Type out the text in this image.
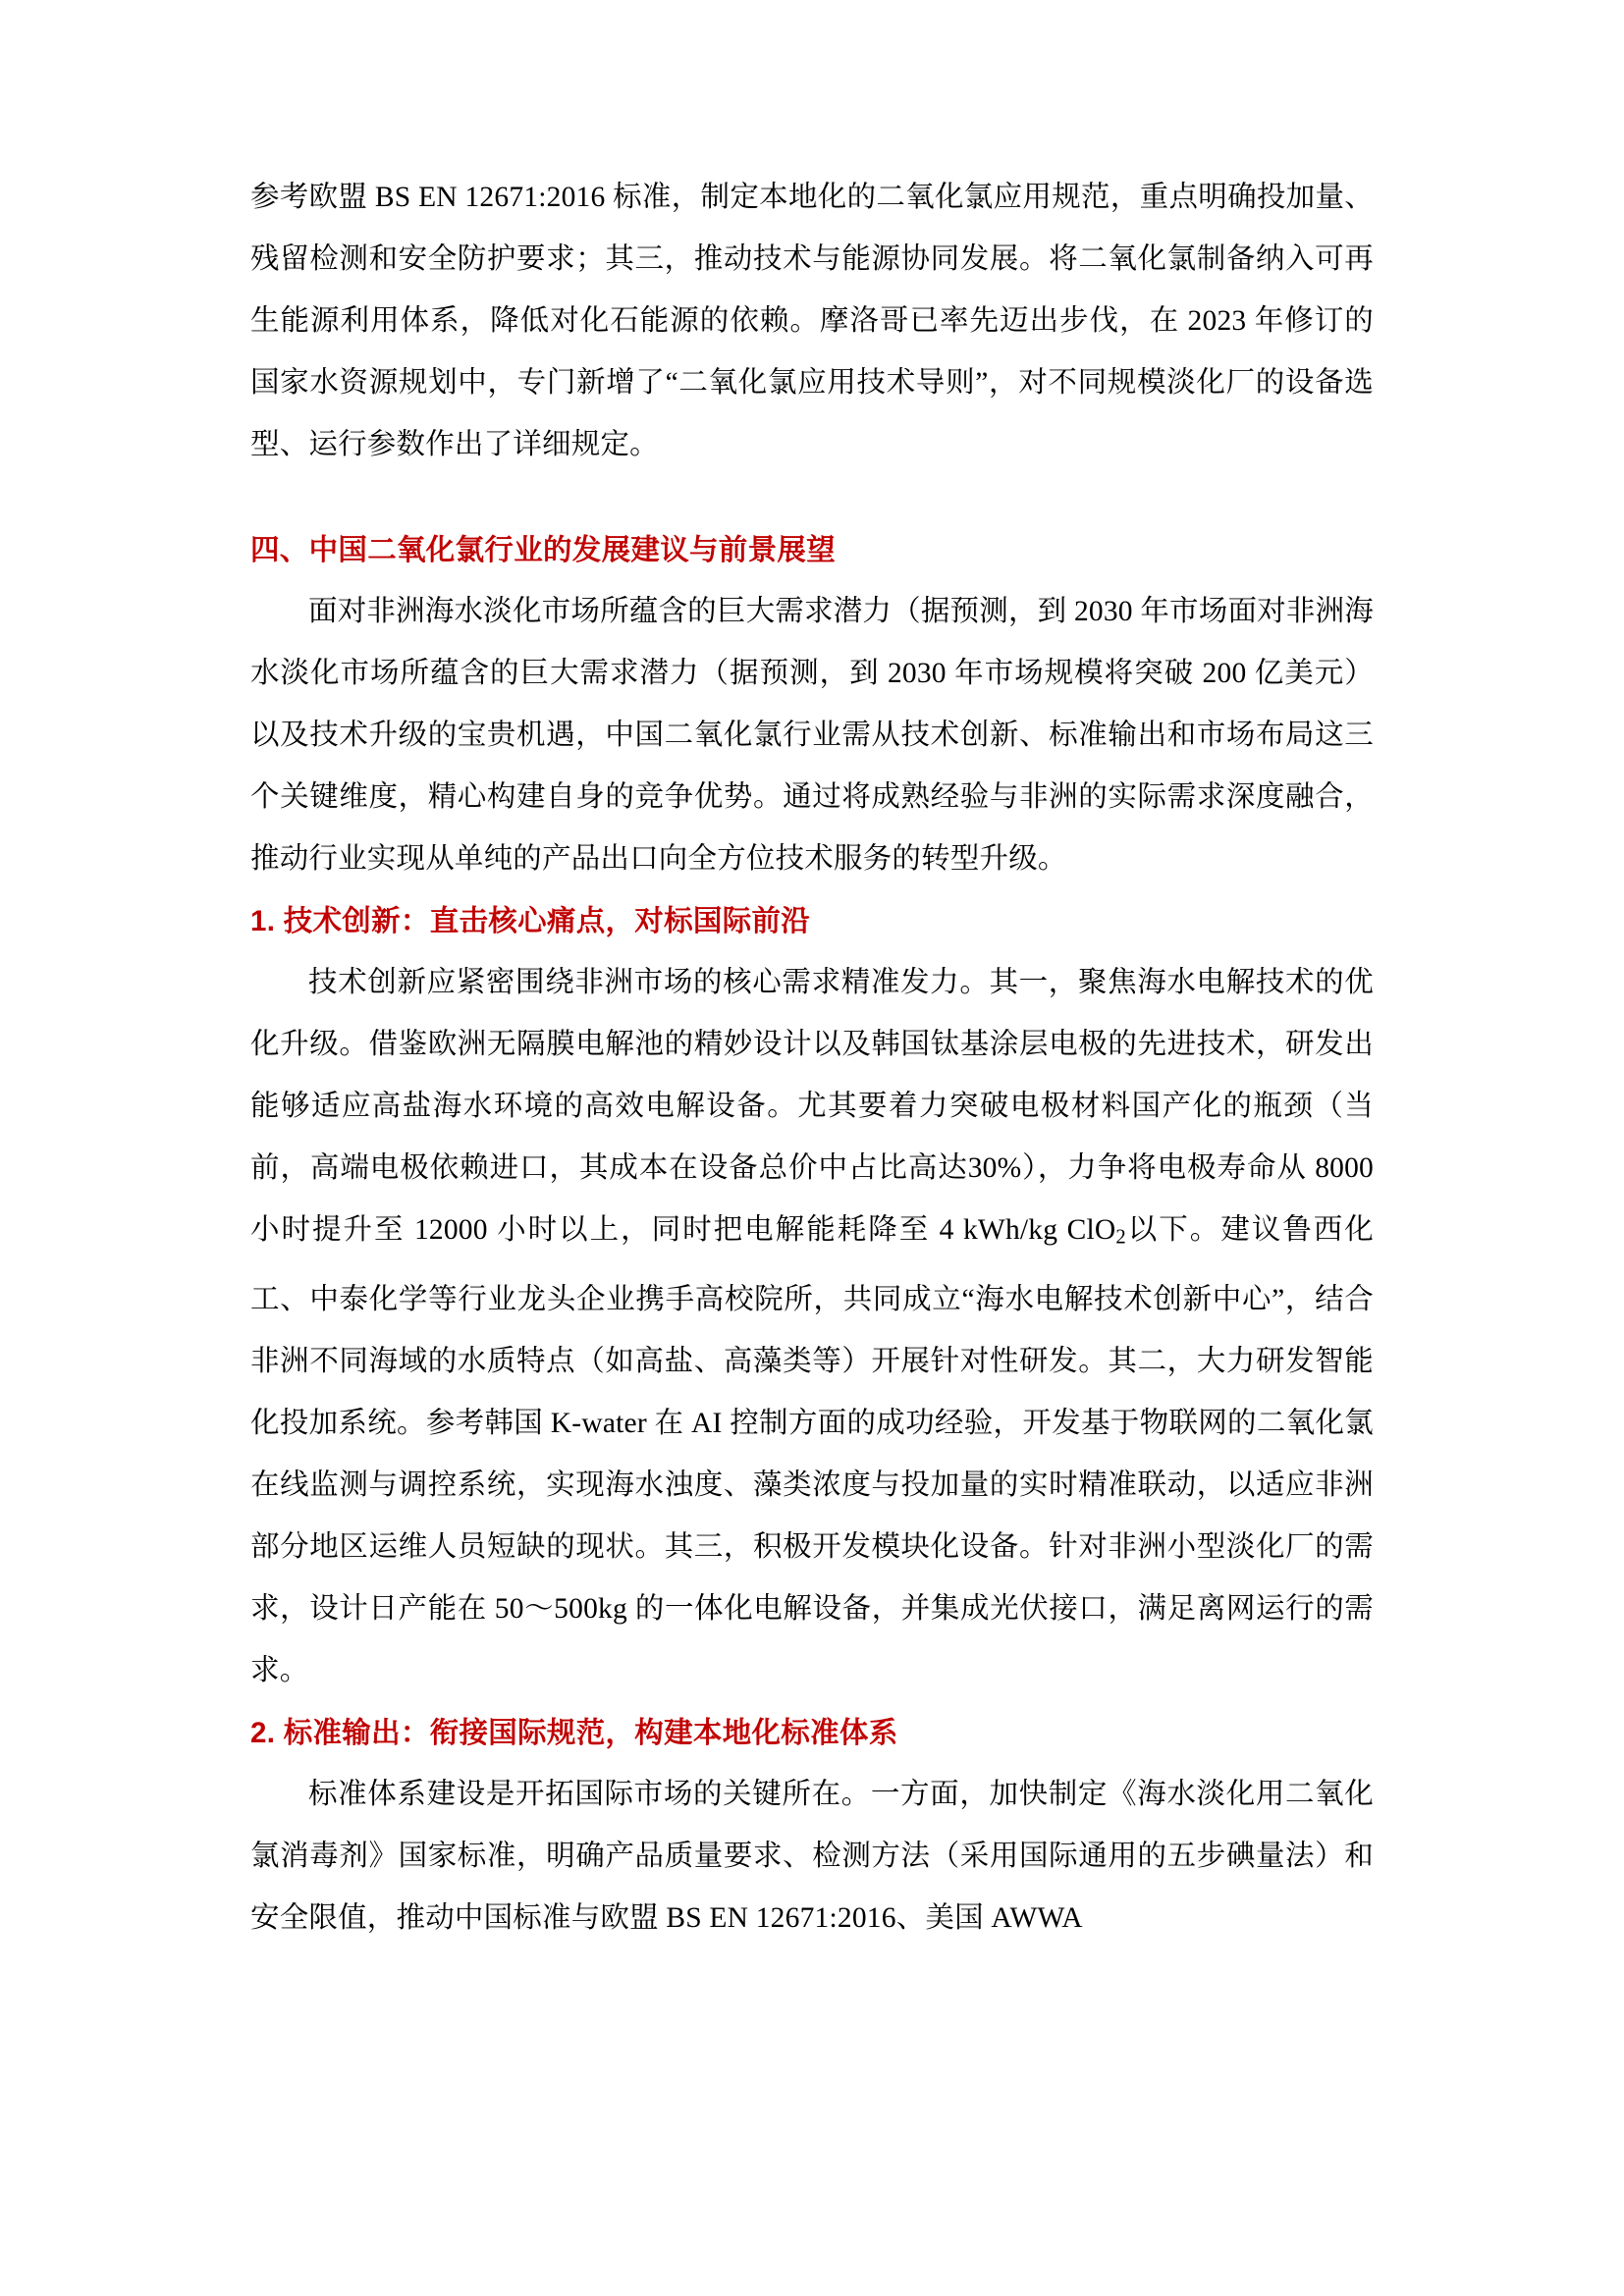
参考欧盟 BS EN 12671:2016 标准，制定本地化的二氧化氯应用规范，重点明确投加量、残留检测和安全防护要求；其三，推动技术与能源协同发展。将二氧化氯制备纳入可再生能源利用体系，降低对化石能源的依赖。摩洛哥已率先迈出步伐，在 2023 年修订的国家水资源规划中，专门新增了“二氧化氯应用技术导则”，对不同规模淡化厂的设备选型、运行参数作出了详细规定。

四、中国二氧化氯行业的发展建议与前景展望

面对非洲海水淡化市场所蕴含的巨大需求潜力（据预测，到 2030 年市场面对非洲海水淡化市场所蕴含的巨大需求潜力（据预测，到 2030 年市场规模将突破 200 亿美元）以及技术升级的宝贵机遇，中国二氧化氯行业需从技术创新、标准输出和市场布局这三个关键维度，精心构建自身的竞争优势。通过将成熟经验与非洲的实际需求深度融合，推动行业实现从单纯的产品出口向全方位技术服务的转型升级。

1. 技术创新：直击核心痛点，对标国际前沿

技术创新应紧密围绕非洲市场的核心需求精准发力。其一，聚焦海水电解技术的优化升级。借鉴欧洲无隔膜电解池的精妙设计以及韩国钛基涂层电极的先进技术，研发出能够适应高盐海水环境的高效电解设备。尤其要着力突破电极材料国产化的瓶颈（当前，高端电极依赖进口，其成本在设备总价中占比高达30%），力争将电极寿命从 8000 小时提升至 12000 小时以上，同时把电解能耗降至 4 kWh/kg ClO$_2$以下。建议鲁西化工、中泰化学等行业龙头企业携手高校院所，共同成立“海水电解技术创新中心”，结合非洲不同海域的水质特点（如高盐、高藻类等）开展针对性研发。其二，大力研发智能化投加系统。参考韩国 K-water 在 AI 控制方面的成功经验，开发基于物联网的二氧化氯在线监测与调控系统，实现海水浊度、藻类浓度与投加量的实时精准联动，以适应非洲部分地区运维人员短缺的现状。其三，积极开发模块化设备。针对非洲小型淡化厂的需求，设计日产能在 50～500kg 的一体化电解设备，并集成光伏接口，满足离网运行的需求。

2. 标准输出：衔接国际规范，构建本地化标准体系

标准体系建设是开拓国际市场的关键所在。一方面，加快制定《海水淡化用二氧化氯消毒剂》国家标准，明确产品质量要求、检测方法（采用国际通用的五步碘量法）和安全限值，推动中国标准与欧盟 BS EN 12671:2016、美国 AWWA
